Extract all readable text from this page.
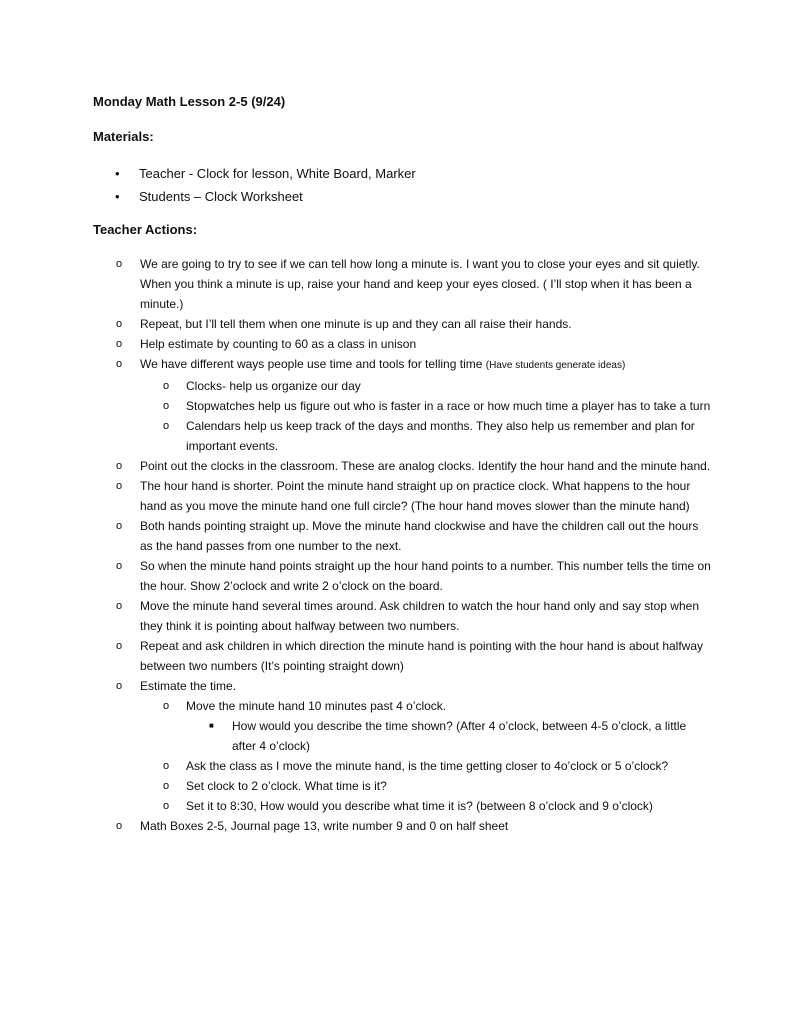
Monday Math Lesson 2-5 (9/24)
Materials:
• Teacher - Clock for lesson, White Board, Marker
• Students – Clock Worksheet
Teacher Actions:
o We are going to try to see if we can tell how long a minute is. I want you to close your eyes and sit quietly. When you think a minute is up, raise your hand and keep your eyes closed. ( I’ll stop when it has been a minute.)
o Repeat, but I’ll tell them when one minute is up and they can all raise their hands.
o Help estimate by counting to 60 as a class in unison
o We have different ways people use time and tools for telling time (Have students generate ideas)
o Clocks- help us organize our day
o Stopwatches help us figure out who is faster in a race or how much time a player has to take a turn
o Calendars help us keep track of the days and months. They also help us remember and plan for important events.
o Point out the clocks in the classroom. These are analog clocks. Identify the hour hand and the minute hand.
o The hour hand is shorter. Point the minute hand straight up on practice clock. What happens to the hour hand as you move the minute hand one full circle? (The hour hand moves slower than the minute hand)
o Both hands pointing straight up. Move the minute hand clockwise and have the children call out the hours as the hand passes from one number to the next.
o So when the minute hand points straight up the hour hand points to a number. This number tells the time on the hour. Show 2’oclock and write 2 o’clock on the board.
o Move the minute hand several times around. Ask children to watch the hour hand only and say stop when they think it is pointing about halfway between two numbers.
o Repeat and ask children in which direction the minute hand is pointing with the hour hand is about halfway between two numbers (It’s pointing straight down)
o Estimate the time.
o Move the minute hand 10 minutes past 4 o’clock.
■ How would you describe the time shown? (After 4 o’clock, between 4-5 o’clock, a little after 4 o’clock)
o Ask the class as I move the minute hand, is the time getting closer to 4o’clock or 5 o’clock?
o Set clock to 2 o’clock. What time is it?
o Set it to 8:30, How would you describe what time it is? (between 8 o’clock and 9 o’clock)
o Math Boxes 2-5, Journal page 13, write number 9 and 0 on half sheet
